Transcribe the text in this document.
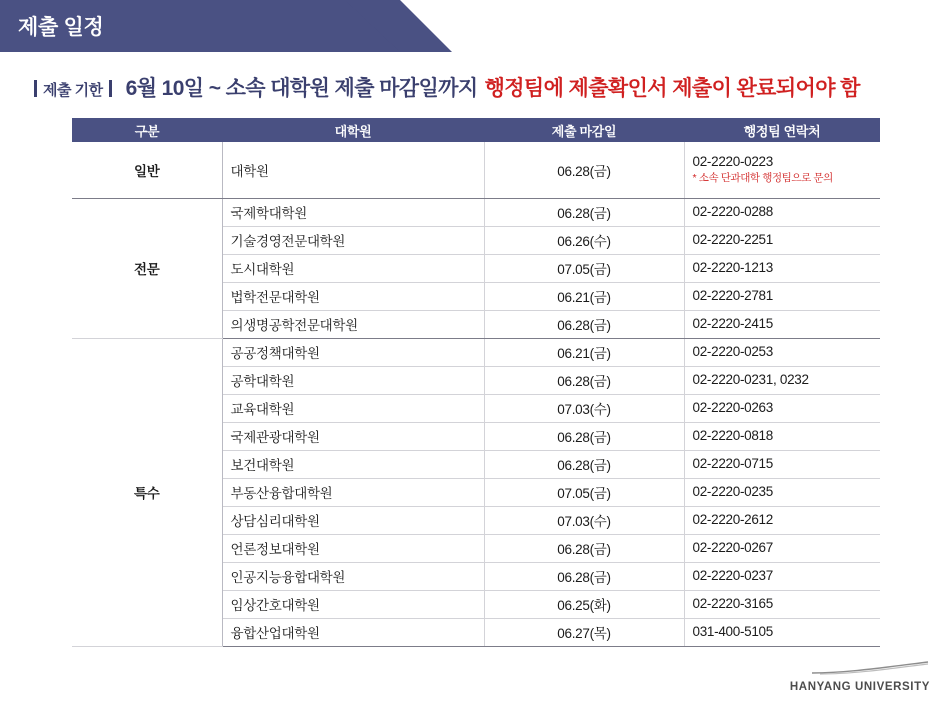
제출 일정
제출 기한 6월 10일 ~ 소속 대학원 제출 마감일까지 행정팀에 제출확인서 제출이 완료되어야 함
구분	대학원	제출 마감일	행정팀 연락처
일반	대학원	06.28(금)	02-2220-0223
* 소속 단과대학 행정팀으로 문의

전문	국제학대학원	06.28(금)	02-2220-0288

	기술경영전문대학원	06.26(수)	02-2220-2251

	도시대학원	07.05(금)	02-2220-1213

	법학전문대학원	06.21(금)	02-2220-2781

	의생명공학전문대학원	06.28(금)	02-2220-2415

특수	공공정책대학원	06.21(금)	02-2220-0253

	공학대학원	06.28(금)	02-2220-0231, 0232

	교육대학원	07.03(수)	02-2220-0263

	국제관광대학원	06.28(금)	02-2220-0818

	보건대학원	06.28(금)	02-2220-0715

	부동산융합대학원	07.05(금)	02-2220-0235

	상담심리대학원	07.03(수)	02-2220-2612

	언론정보대학원	06.28(금)	02-2220-0267

	인공지능융합대학원	06.28(금)	02-2220-0237

	임상간호대학원	06.25(화)	02-2220-3165

	융합산업대학원	06.27(목)	031-400-5105
HANYANG UNIVERSITY
